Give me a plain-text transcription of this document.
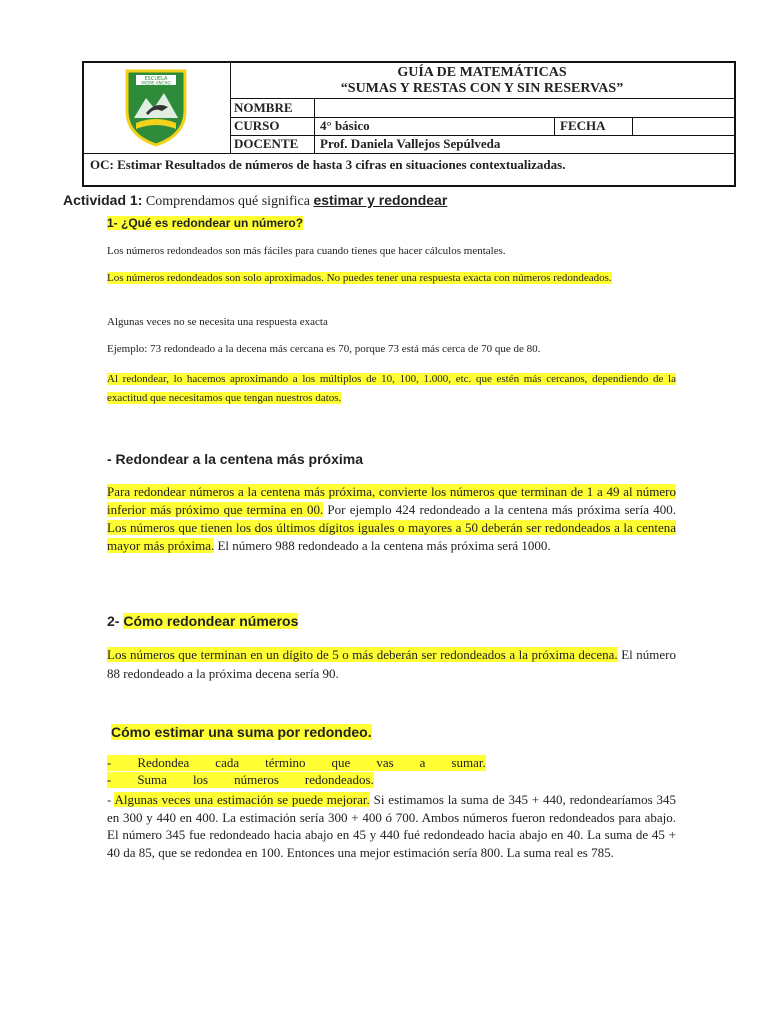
ESCUELA
PADRE ANCHO
GUÍA DE MATEMÁTICAS
“SUMAS Y RESTAS CON Y SIN RESERVAS”
NOMBRE
CURSO	4° básico	FECHA
DOCENTE Prof. Daniela Vallejos Sepúlveda
OC: Estimar Resultados de números de hasta 3 cifras en situaciones contextualizadas.
Actividad 1: Comprendamos qué significa estimar y redondear
1- ¿Qué es redondear un número?
Los números redondeados son más fáciles para cuando tienes que hacer cálculos mentales.
Los números redondeados son solo aproximados. No puedes tener una respuesta exacta con números redondeados.
Algunas veces no se necesita una respuesta exacta
Ejemplo: 73 redondeado a la decena más cercana es 70, porque 73 está más cerca de 70 que de 80.
Al redondear, lo hacemos aproximando a los múltiplos de 10, 100, 1.000, etc. que estén más cercanos, dependiendo de la exactitud que necesitamos que tengan nuestros datos.
- Redondear a la centena más próxima
Para redondear números a la centena más próxima, convierte los números que terminan de 1 a 49 al número inferior más próximo que termina en 00. Por ejemplo 424 redondeado a la centena más próxima sería 400. Los números que tienen los dos últimos dígitos iguales o mayores a 50 deberán ser redondeados a la centena mayor más próxima. El número 988 redondeado a la centena más próxima será 1000.
2- Cómo redondear números
Los números que terminan en un dígito de 5 o más deberán ser redondeados a la próxima decena. El número 88 redondeado a la próxima decena sería 90.
Cómo estimar una suma por redondeo.
-        Redondea        cada        término        que        vas        a        sumar.
-        Suma        los        números        redondeados.
- Algunas veces una estimación se puede mejorar. Si estimamos la suma de 345 + 440, redondearíamos 345 en 300 y 440 en 400. La estimación sería 300 + 400 ó 700. Ambos números fueron redondeados para abajo. El número 345 fue redondeado hacia abajo en 45 y 440 fué redondeado hacia abajo en 40. La suma de 45 + 40 da 85, que se redondea en 100. Entonces una mejor estimación sería 800. La suma real es 785.
